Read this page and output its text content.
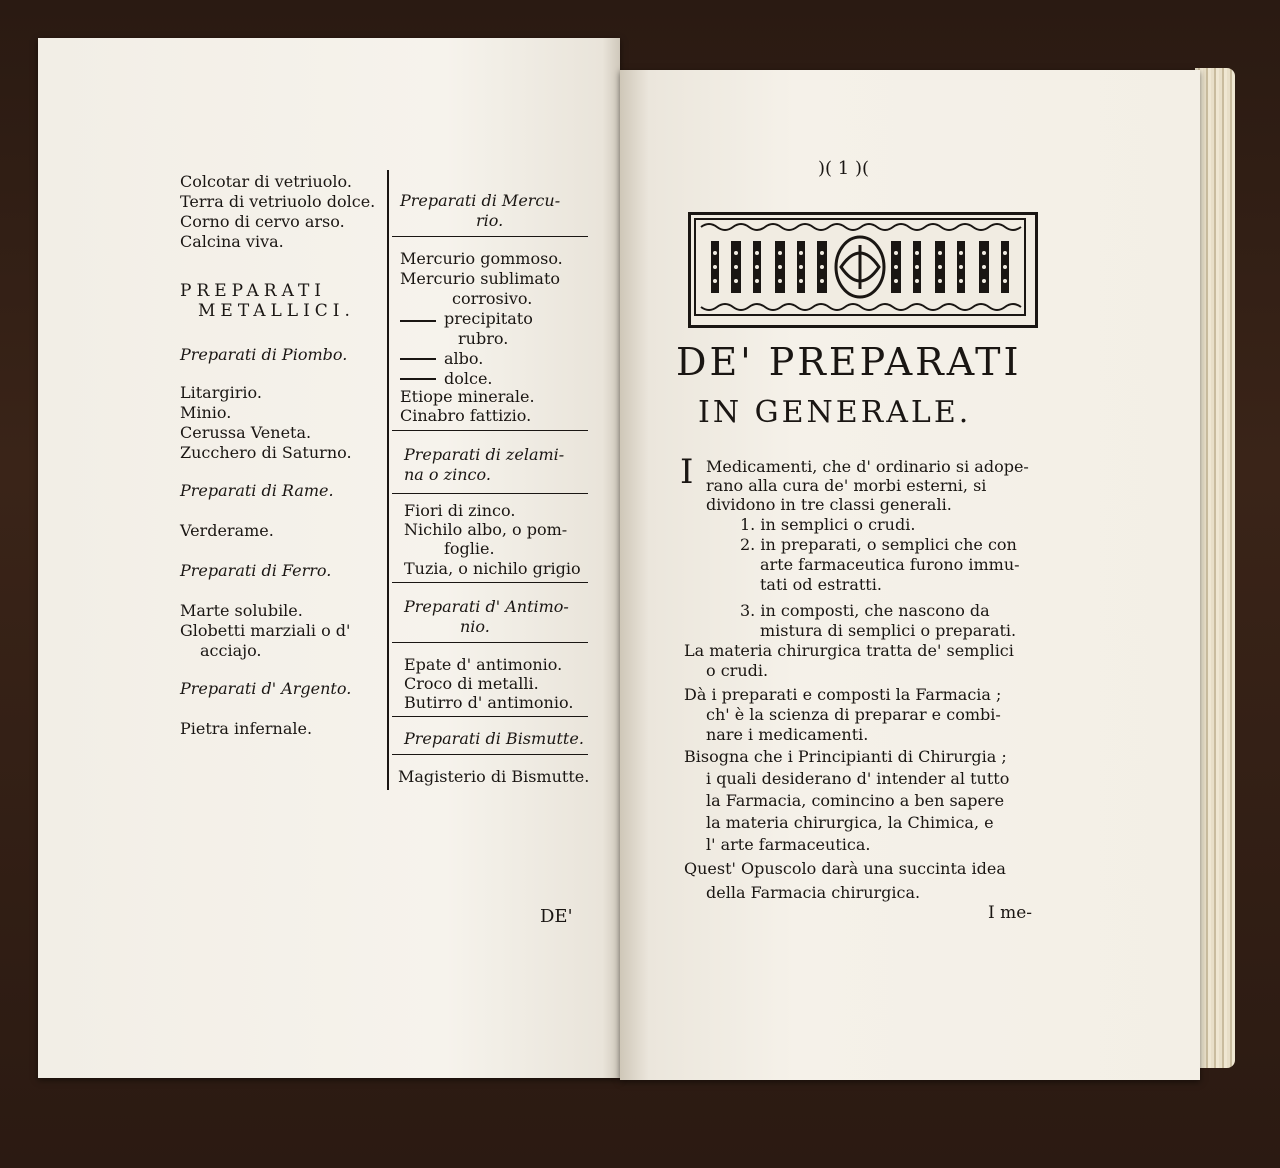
Colcotar di vetriuolo.
Terra di vetriuolo dolce.
Corno di cervo arso.
Calcina viva.
Preparati di Piombo.
Litargirio.
Minio.
Cerussa Veneta.
Zucchero di Saturno.
Preparati di Rame.
Verderame.
Preparati di Ferro.
Marte solubile.
Globetti marziali o d'
acciajo.
Preparati d' Argento.
Pietra infernale.
PREPARATI
METALLICI.
Preparati di Mercu-
rio.
Mercurio gommoso.
Mercurio sublimato
corrosivo.
precipitato
rubro.
albo.
dolce.
Etiope minerale.
Cinabro fattizio.
Preparati di zelami-
na o zinco.
Fiori di zinco.
Nichilo albo, o pom-
foglie.
Tuzia, o nichilo grigio
Preparati d' Antimo-
nio.
Epate d' antimonio.
Croco di metalli.
Butirro d' antimonio.
Preparati di Bismutte.
Magisterio di Bismutte.
DE'
)( 1 )(
DE' PREPARATI
IN GENERALE.
I Medicamenti, che d' ordinario si adope-
rano alla cura de' morbi esterni, si
dividono in tre classi generali.
1. in semplici o crudi.
2. in preparati, o semplici che con
arte farmaceutica furono immu-
tati od estratti.
3. in composti, che nascono da
mistura di semplici o preparati.
La materia chirurgica tratta de' semplici
o crudi.
Dà i preparati e composti la Farmacia ;
ch' è la scienza di preparar e combi-
nare i medicamenti.
Bisogna che i Principianti di Chirurgia ;
i quali desiderano d' intender al tutto
la Farmacia, comincino a ben sapere
la materia chirurgica, la Chimica, e
l' arte farmaceutica.
Quest' Opuscolo darà una succinta idea
della Farmacia chirurgica.
I me-
